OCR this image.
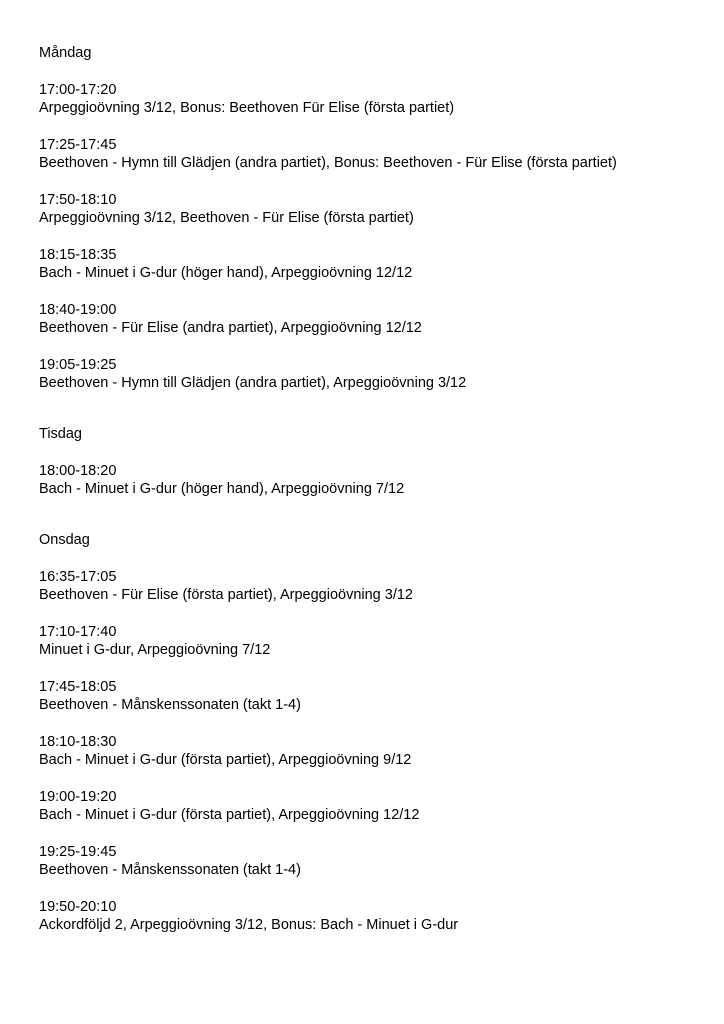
Måndag
17:00-17:20
Arpeggioövning 3/12, Bonus: Beethoven Für Elise (första partiet)
17:25-17:45
Beethoven - Hymn till Glädjen (andra partiet), Bonus: Beethoven - Für Elise (första partiet)
17:50-18:10
Arpeggioövning 3/12, Beethoven - Für Elise (första partiet)
18:15-18:35
Bach - Minuet i G-dur (höger hand), Arpeggioövning 12/12
18:40-19:00
Beethoven - Für Elise (andra partiet), Arpeggioövning 12/12
19:05-19:25
Beethoven - Hymn till Glädjen (andra partiet), Arpeggioövning 3/12
Tisdag
18:00-18:20
Bach - Minuet i G-dur (höger hand), Arpeggioövning 7/12
Onsdag
16:35-17:05
Beethoven - Für Elise (första partiet), Arpeggioövning 3/12
17:10-17:40
Minuet i G-dur, Arpeggioövning 7/12
17:45-18:05
Beethoven - Månskenssonaten (takt 1-4)
18:10-18:30
Bach - Minuet i G-dur (första partiet), Arpeggioövning 9/12
19:00-19:20
Bach - Minuet i G-dur (första partiet), Arpeggioövning 12/12
19:25-19:45
Beethoven - Månskenssonaten (takt 1-4)
19:50-20:10
Ackordföljd 2, Arpeggioövning 3/12, Bonus: Bach - Minuet i G-dur
